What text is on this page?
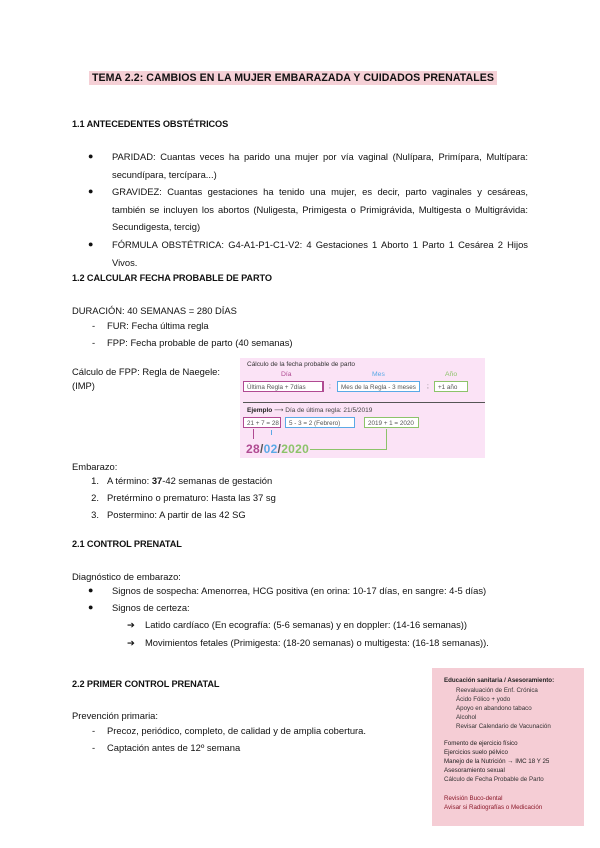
TEMA 2.2: CAMBIOS EN LA MUJER EMBARAZADA Y CUIDADOS PRENATALES
1.1 ANTECEDENTES OBSTÉTRICOS
●	PARIDAD: Cuantas veces ha parido una mujer por vía vaginal (Nulípara, Primípara, Multípara: secundípara, tercípara...)
●	GRAVIDEZ: Cuantas gestaciones ha tenido una mujer, es decir, parto vaginales y cesáreas, también se incluyen los abortos (Nuligesta, Primigesta o Primigrávida, Multigesta o Multigrávida: Secundigesta, tercig)
●	FÓRMULA OBSTÉTRICA: G4-A1-P1-C1-V2: 4 Gestaciones 1 Aborto 1 Parto 1 Cesárea 2 Hijos Vivos.
1.2 CALCULAR FECHA PROBABLE DE PARTO
DURACIÓN: 40 SEMANAS = 280 DÍAS
-	FUR: Fecha última regla
-	FPP: Fecha probable de parto (40 semanas)
Cálculo de FPP: Regla de Naegele:
(IMP)
Cálculo de la fecha probable de parto
Día	Mes	Año
Última Regla + 7días	;	Mes de la Regla - 3 meses	;	+1 año
Ejemplo ⟶ Día de última regla: 21/5/2019
21 + 7 = 28	5 - 3 = 2 (Febrero)	2019 + 1 = 2020
28/02/2020
Embarazo:
1. A término: 37-42 semanas de gestación
2. Pretérmino o prematuro: Hasta las 37 sg
3. Postermino: A partir de las 42 SG
2.1 CONTROL PRENATAL
Diagnóstico de embarazo:
●	Signos de sospecha: Amenorrea, HCG positiva (en orina: 10-17 días, en sangre: 4-5 días)
●	Signos de certeza:
➔	Latido cardíaco (En ecografía: (5-6 semanas) y en doppler: (14-16 semanas))
➔	Movimientos fetales (Primigesta: (18-20 semanas) o multigesta: (16-18 semanas)).
2.2 PRIMER CONTROL PRENATAL
Prevención primaria:
-	Precoz, periódico, completo, de calidad y de amplia cobertura.
-	Captación antes de 12º semana
Educación sanitaria / Asesoramiento:
Reevaluación de Enf. Crónica
Ácido Fólico + yodo
Apoyo en abandono tabaco
Alcohol
Revisar Calendario de Vacunación
Fomento de ejercicio físico
Ejercicios suelo pélvico
Manejo de la Nutrición → IMC 18 Y 25
Asesoramiento sexual
Cálculo de Fecha Probable de Parto
Revisión Buco-dental
Avisar si Radiografías o Medicación
